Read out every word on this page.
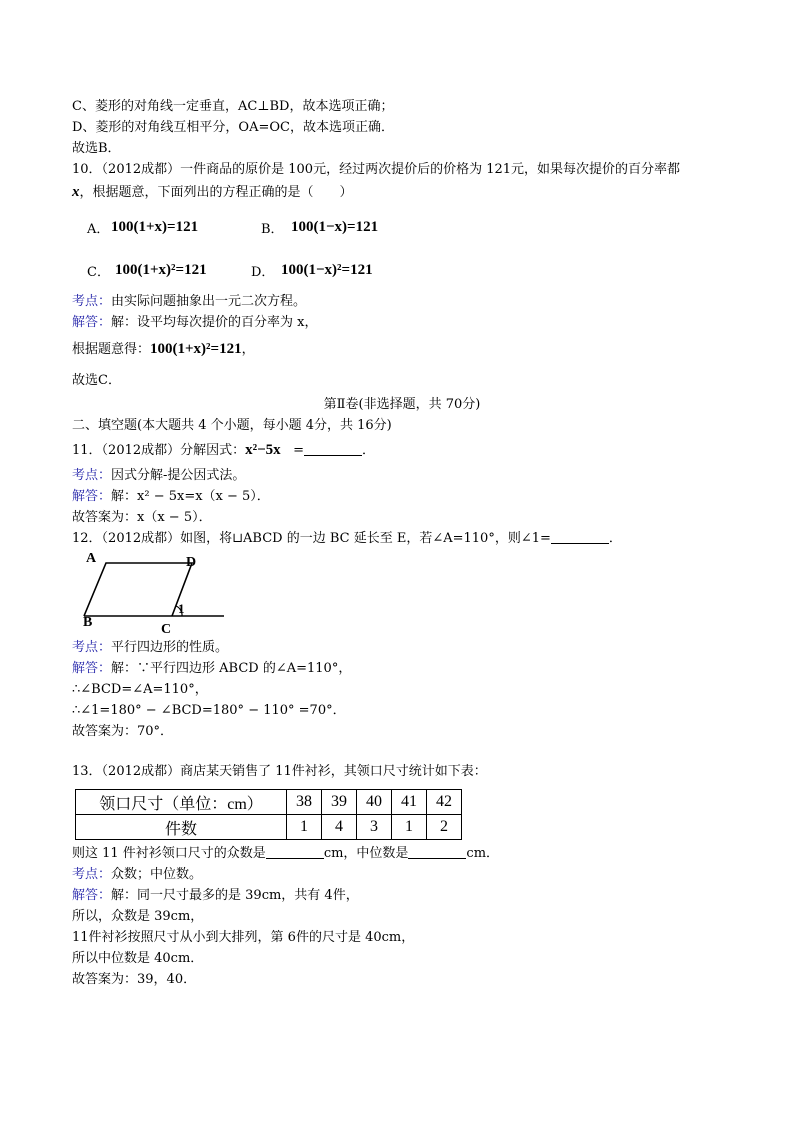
C、菱形的对角线一定垂直，AC⊥BD，故本选项正确；
D、菱形的对角线互相平分，OA=OC，故本选项正确．
故选B．
10．（2012成都）一件商品的原价是 100元，经过两次提价后的价格为 121元，如果每次提价的百分率都
x，根据题意，下面列出的方程正确的是（　　）
A． 100(1+x)=121	B． 100(1−x)=121
C． 100(1+x)²=121	D． 100(1−x)²=121
考点：由实际问题抽象出一元二次方程。
解答：解：设平均每次提价的百分率为 x，
根据题意得：100(1+x)²=121，
故选C．
第Ⅱ卷(非选择题，共 70分)
二、填空题(本大题共 4 个小题，每小题 4分，共 16分)
11．（2012成都）分解因式：x²−5x =	．
考点：因式分解-提公因式法。
解答：解：x² − 5x=x（x − 5）．
故答案为：x（x − 5）．
12．（2012成都）如图，将⊔ABCD 的一边 BC 延长至 E，若∠A=110°，则∠1=	．
A	D
B	C
1
考点：平行四边形的性质。
解答：解：∵平行四边形 ABCD 的∠A=110°，
∴∠BCD=∠A=110°，
∴∠1=180° − ∠BCD=180° − 110° =70°．
故答案为：70°．
13．（2012成都）商店某天销售了 11件衬衫，其领口尺寸统计如下表：
领口尺寸（单位：cm）	38	39	40	41	42
件数	1	4	3	1	2
则这 11 件衬衫领口尺寸的众数是	cm，中位数是	cm．
考点：众数；中位数。
解答：解：同一尺寸最多的是 39cm，共有 4件，
所以，众数是 39cm，
11件衬衫按照尺寸从小到大排列，第 6件的尺寸是 40cm，
所以中位数是 40cm．
故答案为：39，40．
